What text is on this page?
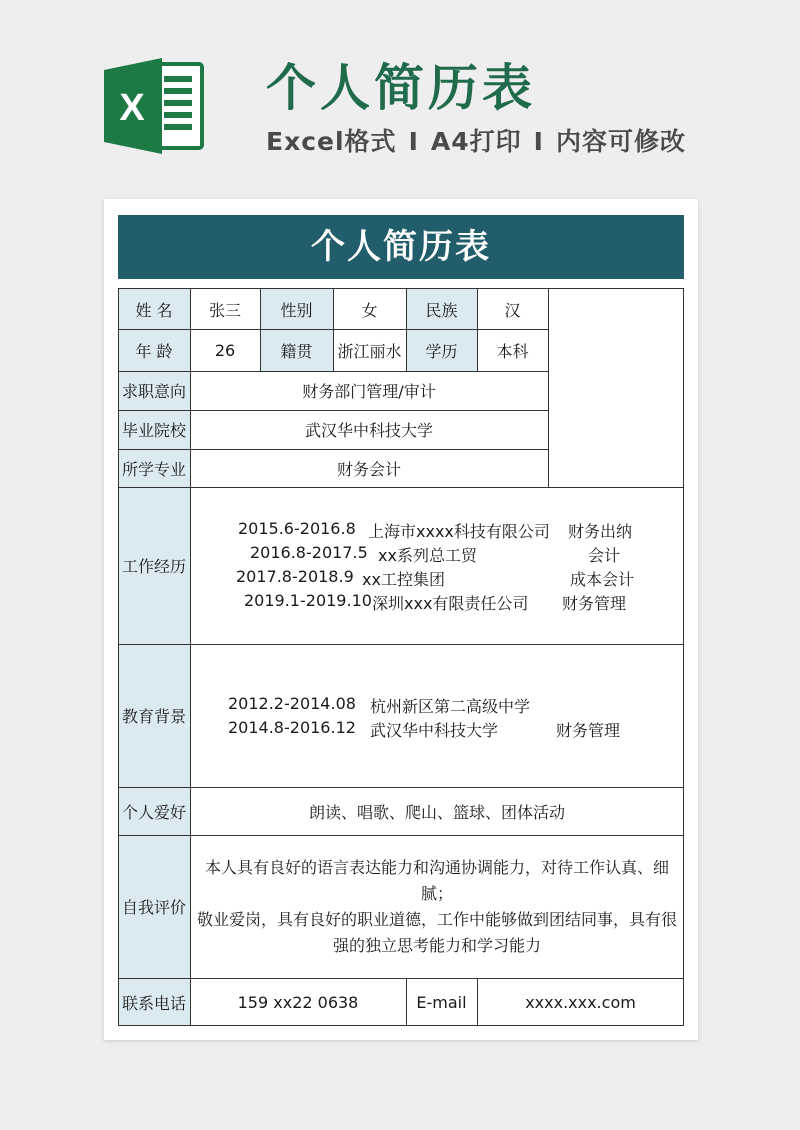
X 个人简历表
Excel格式 I A4打印 I 内容可修改
个人简历表
姓 名	张三	性别	女	民族	汉
年 龄	26	籍贯	浙江丽水	学历	本科
求职意向	财务部门管理/审计
毕业院校	武汉华中科技大学
所学专业	财务会计
工作经历
2015.6-2016.8 上海市xxxx科技有限公司 财务出纳
2016.8-2017.5 xx系列总工贸	会计
2017.8-2018.9 xx工控集团	成本会计
2019.1-2019.10 深圳xxx有限责任公司 财务管理
教育背景
2012.2-2014.08 杭州新区第二高级中学
2014.8-2016.12 武汉华中科技大学	财务管理
个人爱好	朗读、唱歌、爬山、篮球、团体活动
自我评价
本人具有良好的语言表达能力和沟通协调能力，对待工作认真、细
腻；
敬业爱岗，具有良好的职业道德，工作中能够做到团结同事，具有很
强的独立思考能力和学习能力
联系电话	159 xx22 0638	E-mail	xxxx.xxx.com
